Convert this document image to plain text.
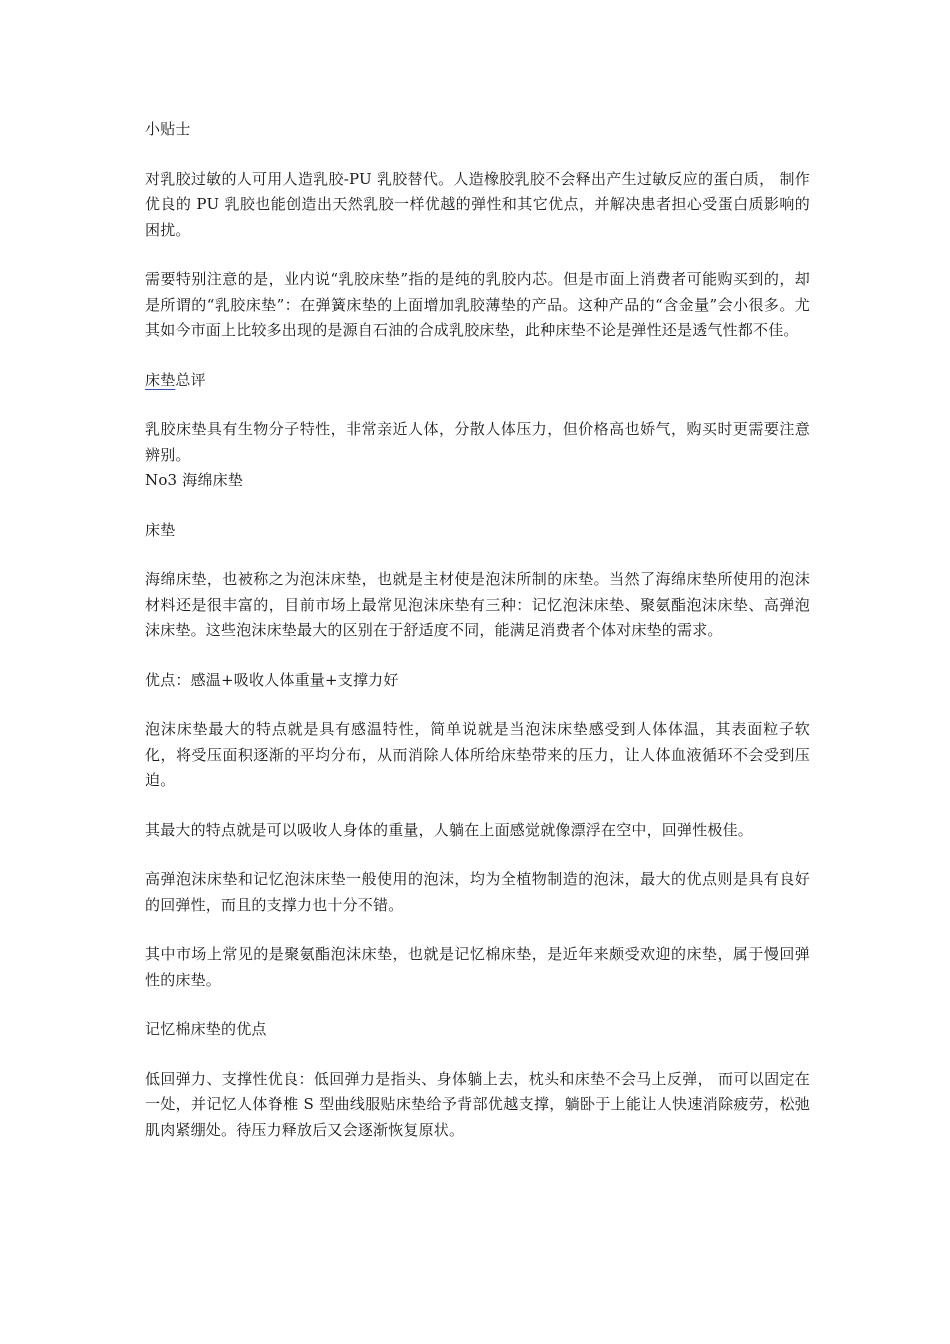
小贴士

对乳胶过敏的人可用人造乳胶-PU 乳胶替代。人造橡胶乳胶不会释出产生过敏反应的蛋白质， 制作优良的 PU 乳胶也能创造出天然乳胶一样优越的弹性和其它优点，并解决患者担心受蛋白质影响的困扰。

需要特别注意的是，业内说“乳胶床垫”指的是纯的乳胶内芯。但是市面上消费者可能购买到的，却是所谓的“乳胶床垫”：在弹簧床垫的上面增加乳胶薄垫的产品。这种产品的“含金量”会小很多。尤其如今市面上比较多出现的是源自石油的合成乳胶床垫，此种床垫不论是弹性还是透气性都不佳。

床垫总评

乳胶床垫具有生物分子特性，非常亲近人体，分散人体压力，但价格高也娇气，购买时更需要注意辨别。

No3 海绵床垫

床垫

海绵床垫，也被称之为泡沫床垫，也就是主材使是泡沫所制的床垫。当然了海绵床垫所使用的泡沫材料还是很丰富的，目前市场上最常见泡沫床垫有三种：记忆泡沫床垫、聚氨酯泡沫床垫、高弹泡沫床垫。这些泡沫床垫最大的区别在于舒适度不同，能满足消费者个体对床垫的需求。

优点：感温+吸收人体重量+支撑力好

泡沫床垫最大的特点就是具有感温特性，简单说就是当泡沫床垫感受到人体体温，其表面粒子软化，将受压面积逐渐的平均分布，从而消除人体所给床垫带来的压力，让人体血液循环不会受到压迫。

其最大的特点就是可以吸收人身体的重量，人躺在上面感觉就像漂浮在空中，回弹性极佳。

高弹泡沫床垫和记忆泡沫床垫一般使用的泡沫，均为全植物制造的泡沫，最大的优点则是具有良好的回弹性，而且的支撑力也十分不错。

其中市场上常见的是聚氨酯泡沫床垫，也就是记忆棉床垫，是近年来颇受欢迎的床垫，属于慢回弹性的床垫。

记忆棉床垫的优点

低回弹力、支撑性优良：低回弹力是指头、身体躺上去，枕头和床垫不会马上反弹， 而可以固定在一处，并记忆人体脊椎 S 型曲线服贴床垫给予背部优越支撑，躺卧于上能让人快速消除疲劳，松弛肌肉紧绷处。待压力释放后又会逐渐恢复原状。
